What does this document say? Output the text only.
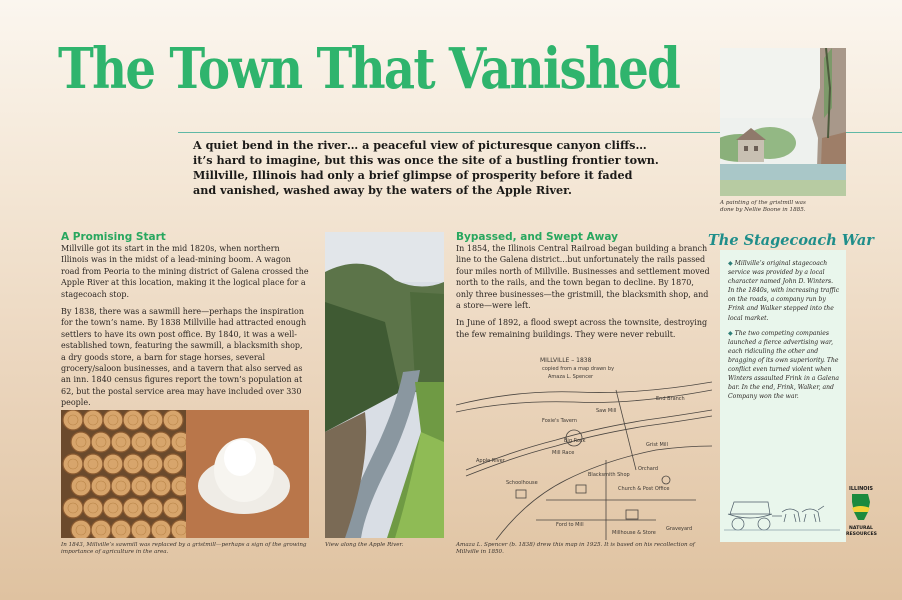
The Town That Vanished

A quiet bend in the river… a peaceful view of picturesque canyon cliffs…

it’s hard to imagine, but this was once the site of a bustling frontier town.

Millville, Illinois had only a brief glimpse of prosperity before it faded

and vanished, washed away by the waters of the Apple River.

A painting of the gristmill was done by Nellie Boone in 1885.

A Promising Start

Millville got its start in the mid 1820s, when northern Illinois was in the midst of a lead-mining boom. A wagon road from Peoria to the mining district of Galena crossed the Apple River at this location, making it the logical place for a stagecoach stop.

By 1838, there was a sawmill here—perhaps the inspiration for the town’s name. By 1838 Millville had attracted enough settlers to have its own post office. By 1840, it was a well-established town, featuring the sawmill, a blacksmith shop, a dry goods store, a barn for stage horses, several grocery/saloon businesses, and a tavern that also served as an inn. 1840 census figures report the town’s population at 62, but the postal service area may have included over 330 people.

In 1843, Millville’s sawmill was replaced by a gristmill—perhaps a sign of the growing importance of agriculture in the area.
View along the Apple River.

Bypassed, and Swept Away

In 1854, the Illinois Central Railroad began building a branch line to the Galena district...but unfortunately the rails passed four miles north of Millville. Businesses and settlement moved north to the rails, and the town began to decline. By 1870, only three businesses—the gristmill, the blacksmith shop, and a store—were left.

In June of 1892, a flood swept across the townsite, destroying the few remaining buildings. They were never rebuilt.

MILLVILLE – 1838
copied from a map drawn by
Amaza L. Spencer
Apple River
Mill Race
End Branch
Foxie's Tavern
Ford to Mill
Schoolhouse
Church & Post Office
Blacksmith Shop
Orchard
Graveyard
Millhouse & Store
Big Rock
Saw Mill
Grist Mill
Amaza L. Spencer (b. 1838) drew this map in 1925. It is based on his recollection of Millville in 1850.
The Stagecoach War

◆ Millville’s original stagecoach service was provided by a local character named John D. Winters. In the 1840s, with increasing traffic on the roads, a company run by Frink and Walker stepped into the local market.

◆ The two competing companies launched a fierce advertising war, each ridiculing the other and bragging of its own superiority. The conflict even turned violent when Winters assaulted Frink in a Galena bar. In the end, Frink, Walker, and Company won the war.

ILLINOIS
NATURAL
RESOURCES
